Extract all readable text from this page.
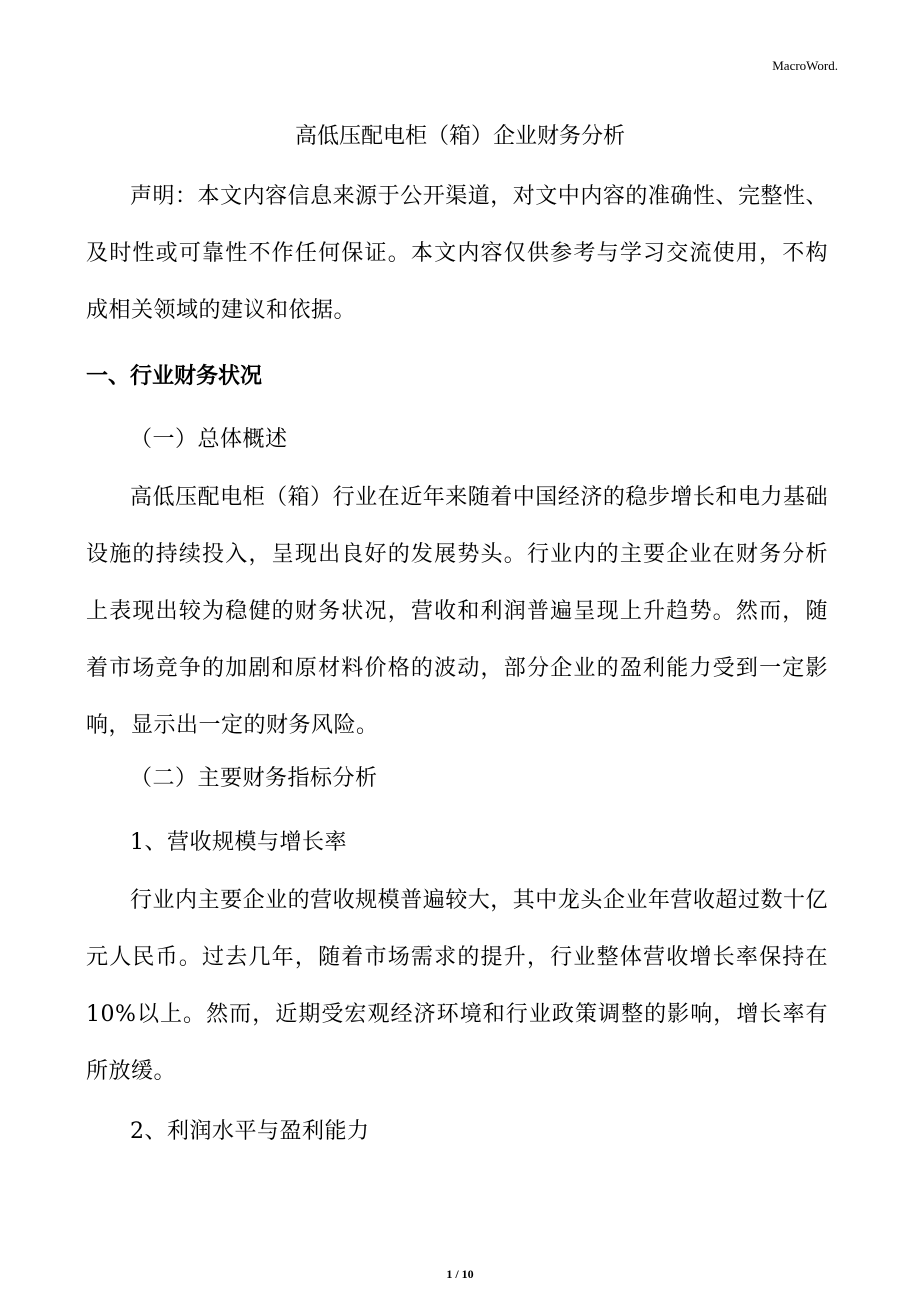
MacroWord.
高低压配电柜（箱）企业财务分析

声明：本文内容信息来源于公开渠道，对文中内容的准确性、完整性、及时性或可靠性不作任何保证。本文内容仅供参考与学习交流使用，不构成相关领域的建议和依据。

一、行业财务状况
（一）总体概述

高低压配电柜（箱）行业在近年来随着中国经济的稳步增长和电力基础设施的持续投入，呈现出良好的发展势头。行业内的主要企业在财务分析上表现出较为稳健的财务状况，营收和利润普遍呈现上升趋势。然而，随着市场竞争的加剧和原材料价格的波动，部分企业的盈利能力受到一定影响，显示出一定的财务风险。

（二）主要财务指标分析
1、营收规模与增长率

行业内主要企业的营收规模普遍较大，其中龙头企业年营收超过数十亿元人民币。过去几年，随着市场需求的提升，行业整体营收增长率保持在 10%以上。然而，近期受宏观经济环境和行业政策调整的影响，增长率有所放缓。

2、利润水平与盈利能力
1 / 10
